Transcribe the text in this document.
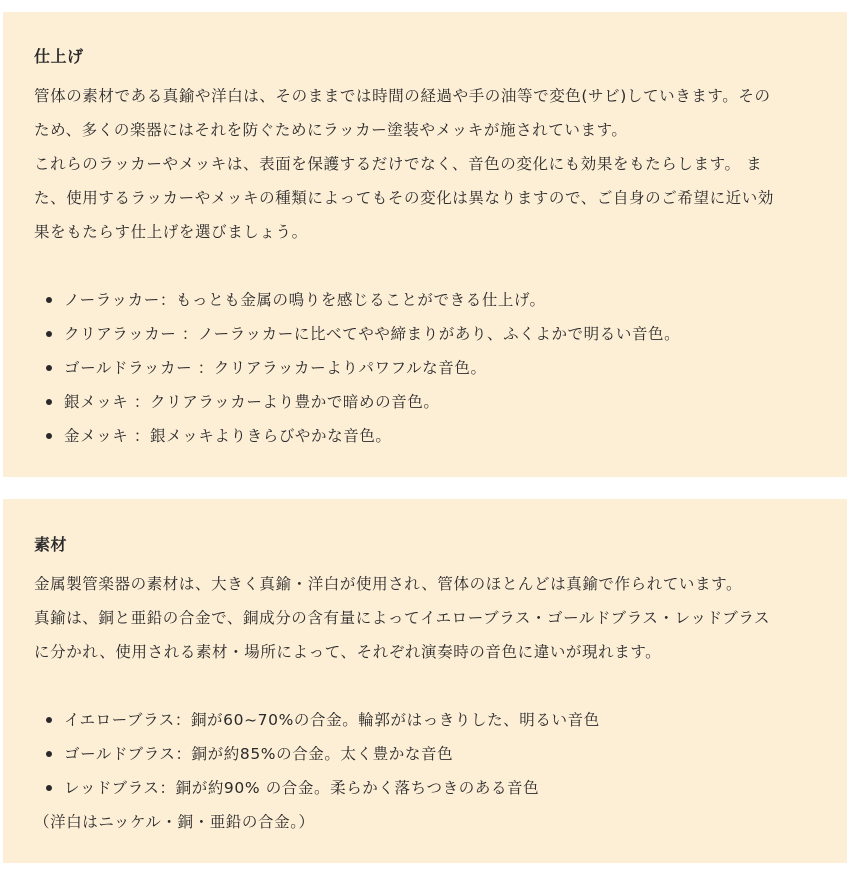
仕上げ

管体の素材である真鍮や洋白は、そのままでは時間の経過や手の油等で変色(サビ)していきます。その
ため、多くの楽器にはそれを防ぐためにラッカー塗装やメッキが施されています。
これらのラッカーやメッキは、表面を保護するだけでなく、音色の変化にも効果をもたらします。 ま
た、使用するラッカーやメッキの種類によってもその変化は異なりますので、ご自身のご希望に近い効
果をもたらす仕上げを選びましょう。

ノーラッカー：もっとも金属の鳴りを感じることができる仕上げ。
クリアラッカー ：ノーラッカーに比べてやや締まりがあり、ふくよかで明るい音色。
ゴールドラッカー ：クリアラッカーよりパワフルな音色。
銀メッキ ：クリアラッカーより豊かで暗めの音色。
金メッキ ：銀メッキよりきらびやかな音色。
素材

金属製管楽器の素材は、大きく真鍮・洋白が使用され、管体のほとんどは真鍮で作られています。
真鍮は、銅と亜鉛の合金で、銅成分の含有量によってイエローブラス・ゴールドブラス・レッドブラス
に分かれ、使用される素材・場所によって、それぞれ演奏時の音色に違いが現れます。

イエローブラス：銅が60~70%の合金。輪郭がはっきりした、明るい音色
ゴールドブラス：銅が約85%の合金。太く豊かな音色
レッドブラス：銅が約90% の合金。柔らかく落ちつきのある音色
（洋白はニッケル・銅・亜鉛の合金。）
